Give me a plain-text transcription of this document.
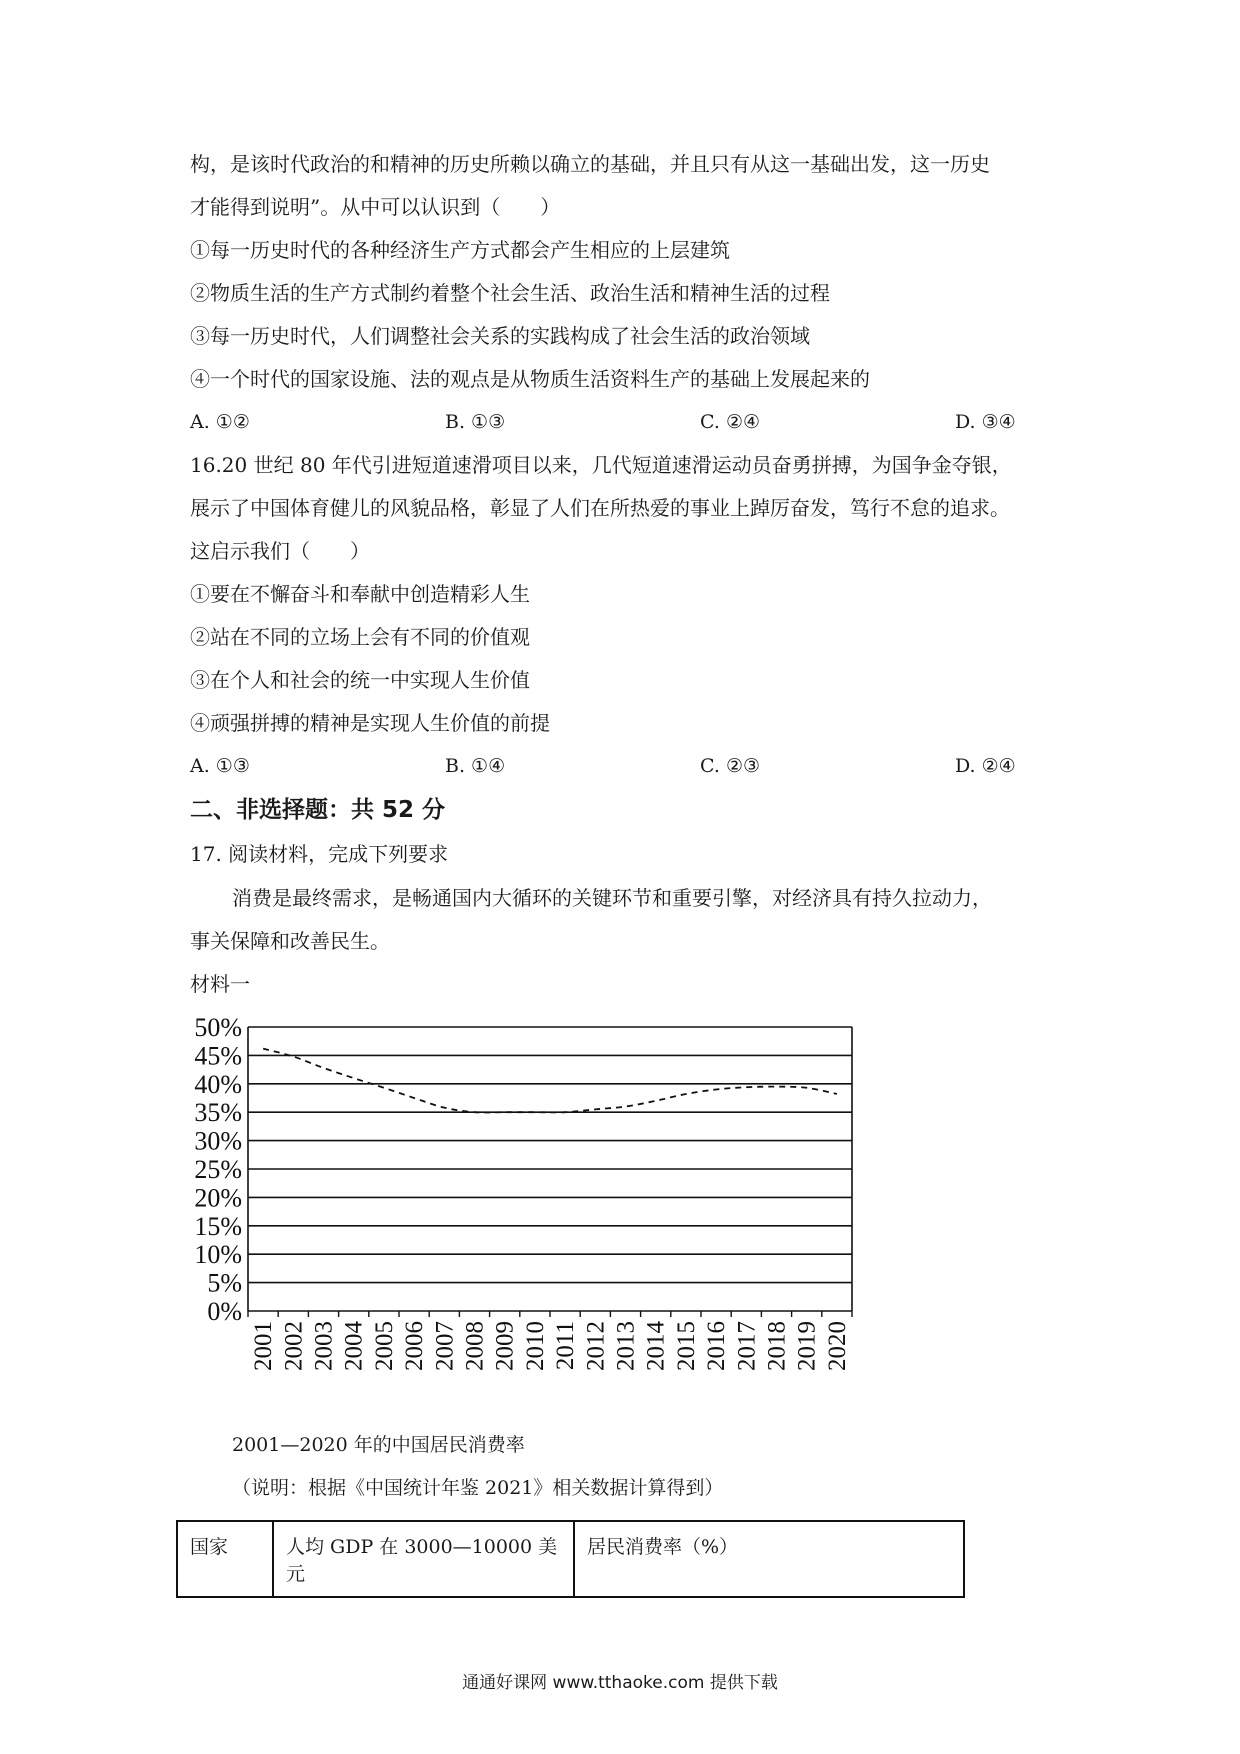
构，是该时代政治的和精神的历史所赖以确立的基础，并且只有从这一基础出发，这一历史
才能得到说明”。从中可以认识到（　　）
①每一历史时代的各种经济生产方式都会产生相应的上层建筑
②物质生活的生产方式制约着整个社会生活、政治生活和精神生活的过程
③每一历史时代，人们调整社会关系的实践构成了社会生活的政治领域
④一个时代的国家设施、法的观点是从物质生活资料生产的基础上发展起来的
A. ①②	B. ①③	C. ②④	D. ③④
16.20 世纪 80 年代引进短道速滑项目以来，几代短道速滑运动员奋勇拼搏，为国争金夺银，
展示了中国体育健儿的风貌品格，彰显了人们在所热爱的事业上踔厉奋发，笃行不怠的追求。
这启示我们（　　）
①要在不懈奋斗和奉献中创造精彩人生
②站在不同的立场上会有不同的价值观
③在个人和社会的统一中实现人生价值
④顽强拼搏的精神是实现人生价值的前提
A. ①③	B. ①④	C. ②③	D. ②④
二、非选择题：共 52 分
17. 阅读材料，完成下列要求
消费是最终需求，是畅通国内大循环的关键环节和重要引擎，对经济具有持久拉动力，
事关保障和改善民生。
材料一
0%
5%
10%
15%
20%
25%
30%
35%
40%
45%
50%
2001 2002 2003 2004 2005 2006 2007 2008 2009 2010 2011 2012 2013 2014 2015 2016 2017 2018 2019 2020
2001—2020 年的中国居民消费率
（说明：根据《中国统计年鉴 2021》相关数据计算得到）
国家	人均 GDP 在 3000—10000 美元	居民消费率（%）
通通好课网 www.tthaoke.com 提供下载
